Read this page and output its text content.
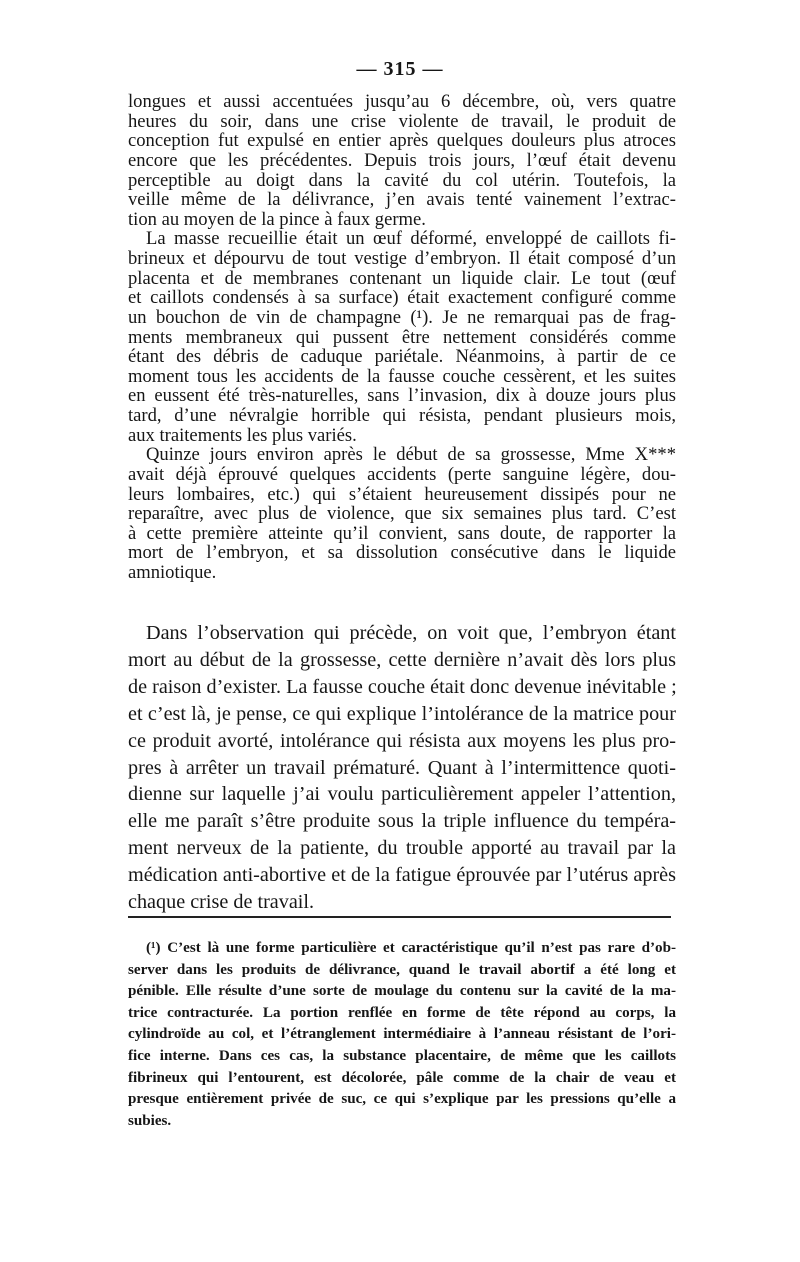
— 315 —
longues et aussi accentuées jusqu’au 6 décembre, où, vers quatre
heures du soir, dans une crise violente de travail, le produit de
conception fut expulsé en entier après quelques douleurs plus atroces
encore que les précédentes. Depuis trois jours, l’œuf était devenu
perceptible au doigt dans la cavité du col utérin. Toutefois, la
veille même de la délivrance, j’en avais tenté vainement l’extrac-
tion au moyen de la pince à faux germe.
La masse recueillie était un œuf déformé, enveloppé de caillots fi-
brineux et dépourvu de tout vestige d’embryon. Il était composé d’un
placenta et de membranes contenant un liquide clair. Le tout (œuf
et caillots condensés à sa surface) était exactement configuré comme
un bouchon de vin de champagne (¹). Je ne remarquai pas de frag-
ments membraneux qui pussent être nettement considérés comme
étant des débris de caduque pariétale. Néanmoins, à partir de ce
moment tous les accidents de la fausse couche cessèrent, et les suites
en eussent été très-naturelles, sans l’invasion, dix à douze jours plus
tard, d’une névralgie horrible qui résista, pendant plusieurs mois,
aux traitements les plus variés.
Quinze jours environ après le début de sa grossesse, Mme X***
avait déjà éprouvé quelques accidents (perte sanguine légère, dou-
leurs lombaires, etc.) qui s’étaient heureusement dissipés pour ne
reparaître, avec plus de violence, que six semaines plus tard. C’est
à cette première atteinte qu’il convient, sans doute, de rapporter la
mort de l’embryon, et sa dissolution consécutive dans le liquide
amniotique.
Dans l’observation qui précède, on voit que, l’embryon étant
mort au début de la grossesse, cette dernière n’avait dès lors plus
de raison d’exister. La fausse couche était donc devenue inévitable ;
et c’est là, je pense, ce qui explique l’intolérance de la matrice pour
ce produit avorté, intolérance qui résista aux moyens les plus pro-
pres à arrêter un travail prématuré. Quant à l’intermittence quoti-
dienne sur laquelle j’ai voulu particulièrement appeler l’attention,
elle me paraît s’être produite sous la triple influence du tempéra-
ment nerveux de la patiente, du trouble apporté au travail par la
médication anti-abortive et de la fatigue éprouvée par l’utérus après
chaque crise de travail.
(¹) C’est là une forme particulière et caractéristique qu’il n’est pas rare d’ob-
server dans les produits de délivrance, quand le travail abortif a été long et
pénible. Elle résulte d’une sorte de moulage du contenu sur la cavité de la ma-
trice contracturée. La portion renflée en forme de tête répond au corps, la
cylindroïde au col, et l’étranglement intermédiaire à l’anneau résistant de l’ori-
fice interne. Dans ces cas, la substance placentaire, de même que les caillots
fibrineux qui l’entourent, est décolorée, pâle comme de la chair de veau et
presque entièrement privée de suc, ce qui s’explique par les pressions qu’elle a
subies.
